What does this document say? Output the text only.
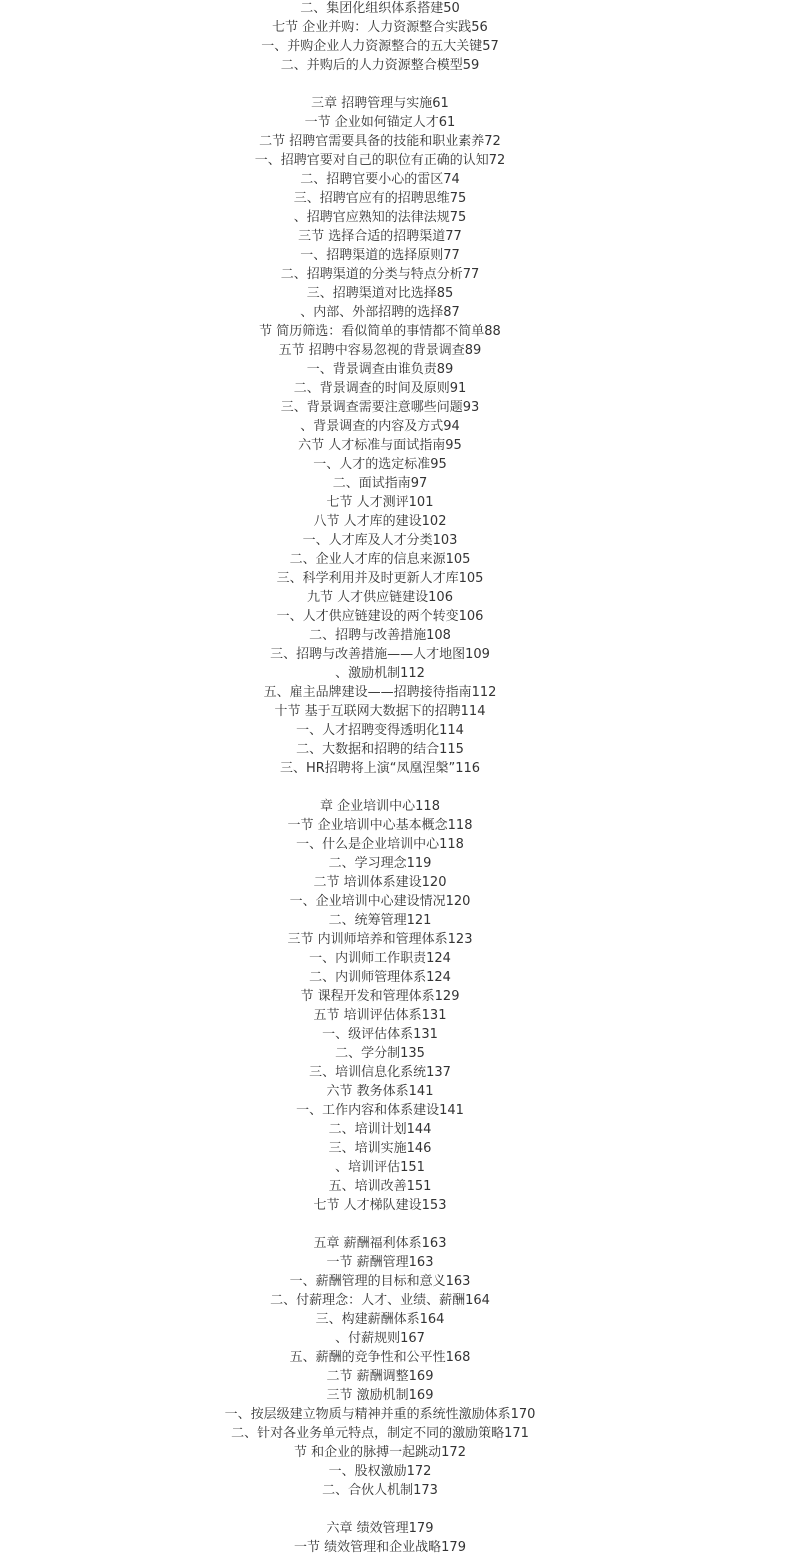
二、集团化组织体系搭建50
七节 企业并购：人力资源整合实践56
一、并购企业人力资源整合的五大关键57
二、并购后的人力资源整合模型59
三章 招聘管理与实施61
一节 企业如何锚定人才61
二节 招聘官需要具备的技能和职业素养72
一、招聘官要对自己的职位有正确的认知72
二、招聘官要小心的雷区74
三、招聘官应有的招聘思维75
、招聘官应熟知的法律法规75
三节 选择合适的招聘渠道77
一、招聘渠道的选择原则77
二、招聘渠道的分类与特点分析77
三、招聘渠道对比选择85
、内部、外部招聘的选择87
节 简历筛选：看似简单的事情都不简单88
五节 招聘中容易忽视的背景调查89
一、背景调查由谁负责89
二、背景调查的时间及原则91
三、背景调查需要注意哪些问题93
、背景调查的内容及方式94
六节 人才标准与面试指南95
一、人才的选定标准95
二、面试指南97
七节 人才测评101
八节 人才库的建设102
一、人才库及人才分类103
二、企业人才库的信息来源105
三、科学利用并及时更新人才库105
九节 人才供应链建设106
一、人才供应链建设的两个转变106
二、招聘与改善措施108
三、招聘与改善措施——人才地图109
、激励机制112
五、雇主品牌建设——招聘接待指南112
十节 基于互联网大数据下的招聘114
一、人才招聘变得透明化114
二、大数据和招聘的结合115
三、HR招聘将上演“凤凰涅槃”116
章 企业培训中心118
一节 企业培训中心基本概念118
一、什么是企业培训中心118
二、学习理念119
二节 培训体系建设120
一、企业培训中心建设情况120
二、统筹管理121
三节 内训师培养和管理体系123
一、内训师工作职责124
二、内训师管理体系124
节 课程开发和管理体系129
五节 培训评估体系131
一、级评估体系131
二、学分制135
三、培训信息化系统137
六节 教务体系141
一、工作内容和体系建设141
二、培训计划144
三、培训实施146
、培训评估151
五、培训改善151
七节 人才梯队建设153
五章 薪酬福利体系163
一节 薪酬管理163
一、薪酬管理的目标和意义163
二、付薪理念：人才、业绩、薪酬164
三、构建薪酬体系164
、付薪规则167
五、薪酬的竞争性和公平性168
二节 薪酬调整169
三节 激励机制169
一、按层级建立物质与精神并重的系统性激励体系170
二、针对各业务单元特点，制定不同的激励策略171
节 和企业的脉搏一起跳动172
一、股权激励172
二、合伙人机制173
六章 绩效管理179
一节 绩效管理和企业战略179
